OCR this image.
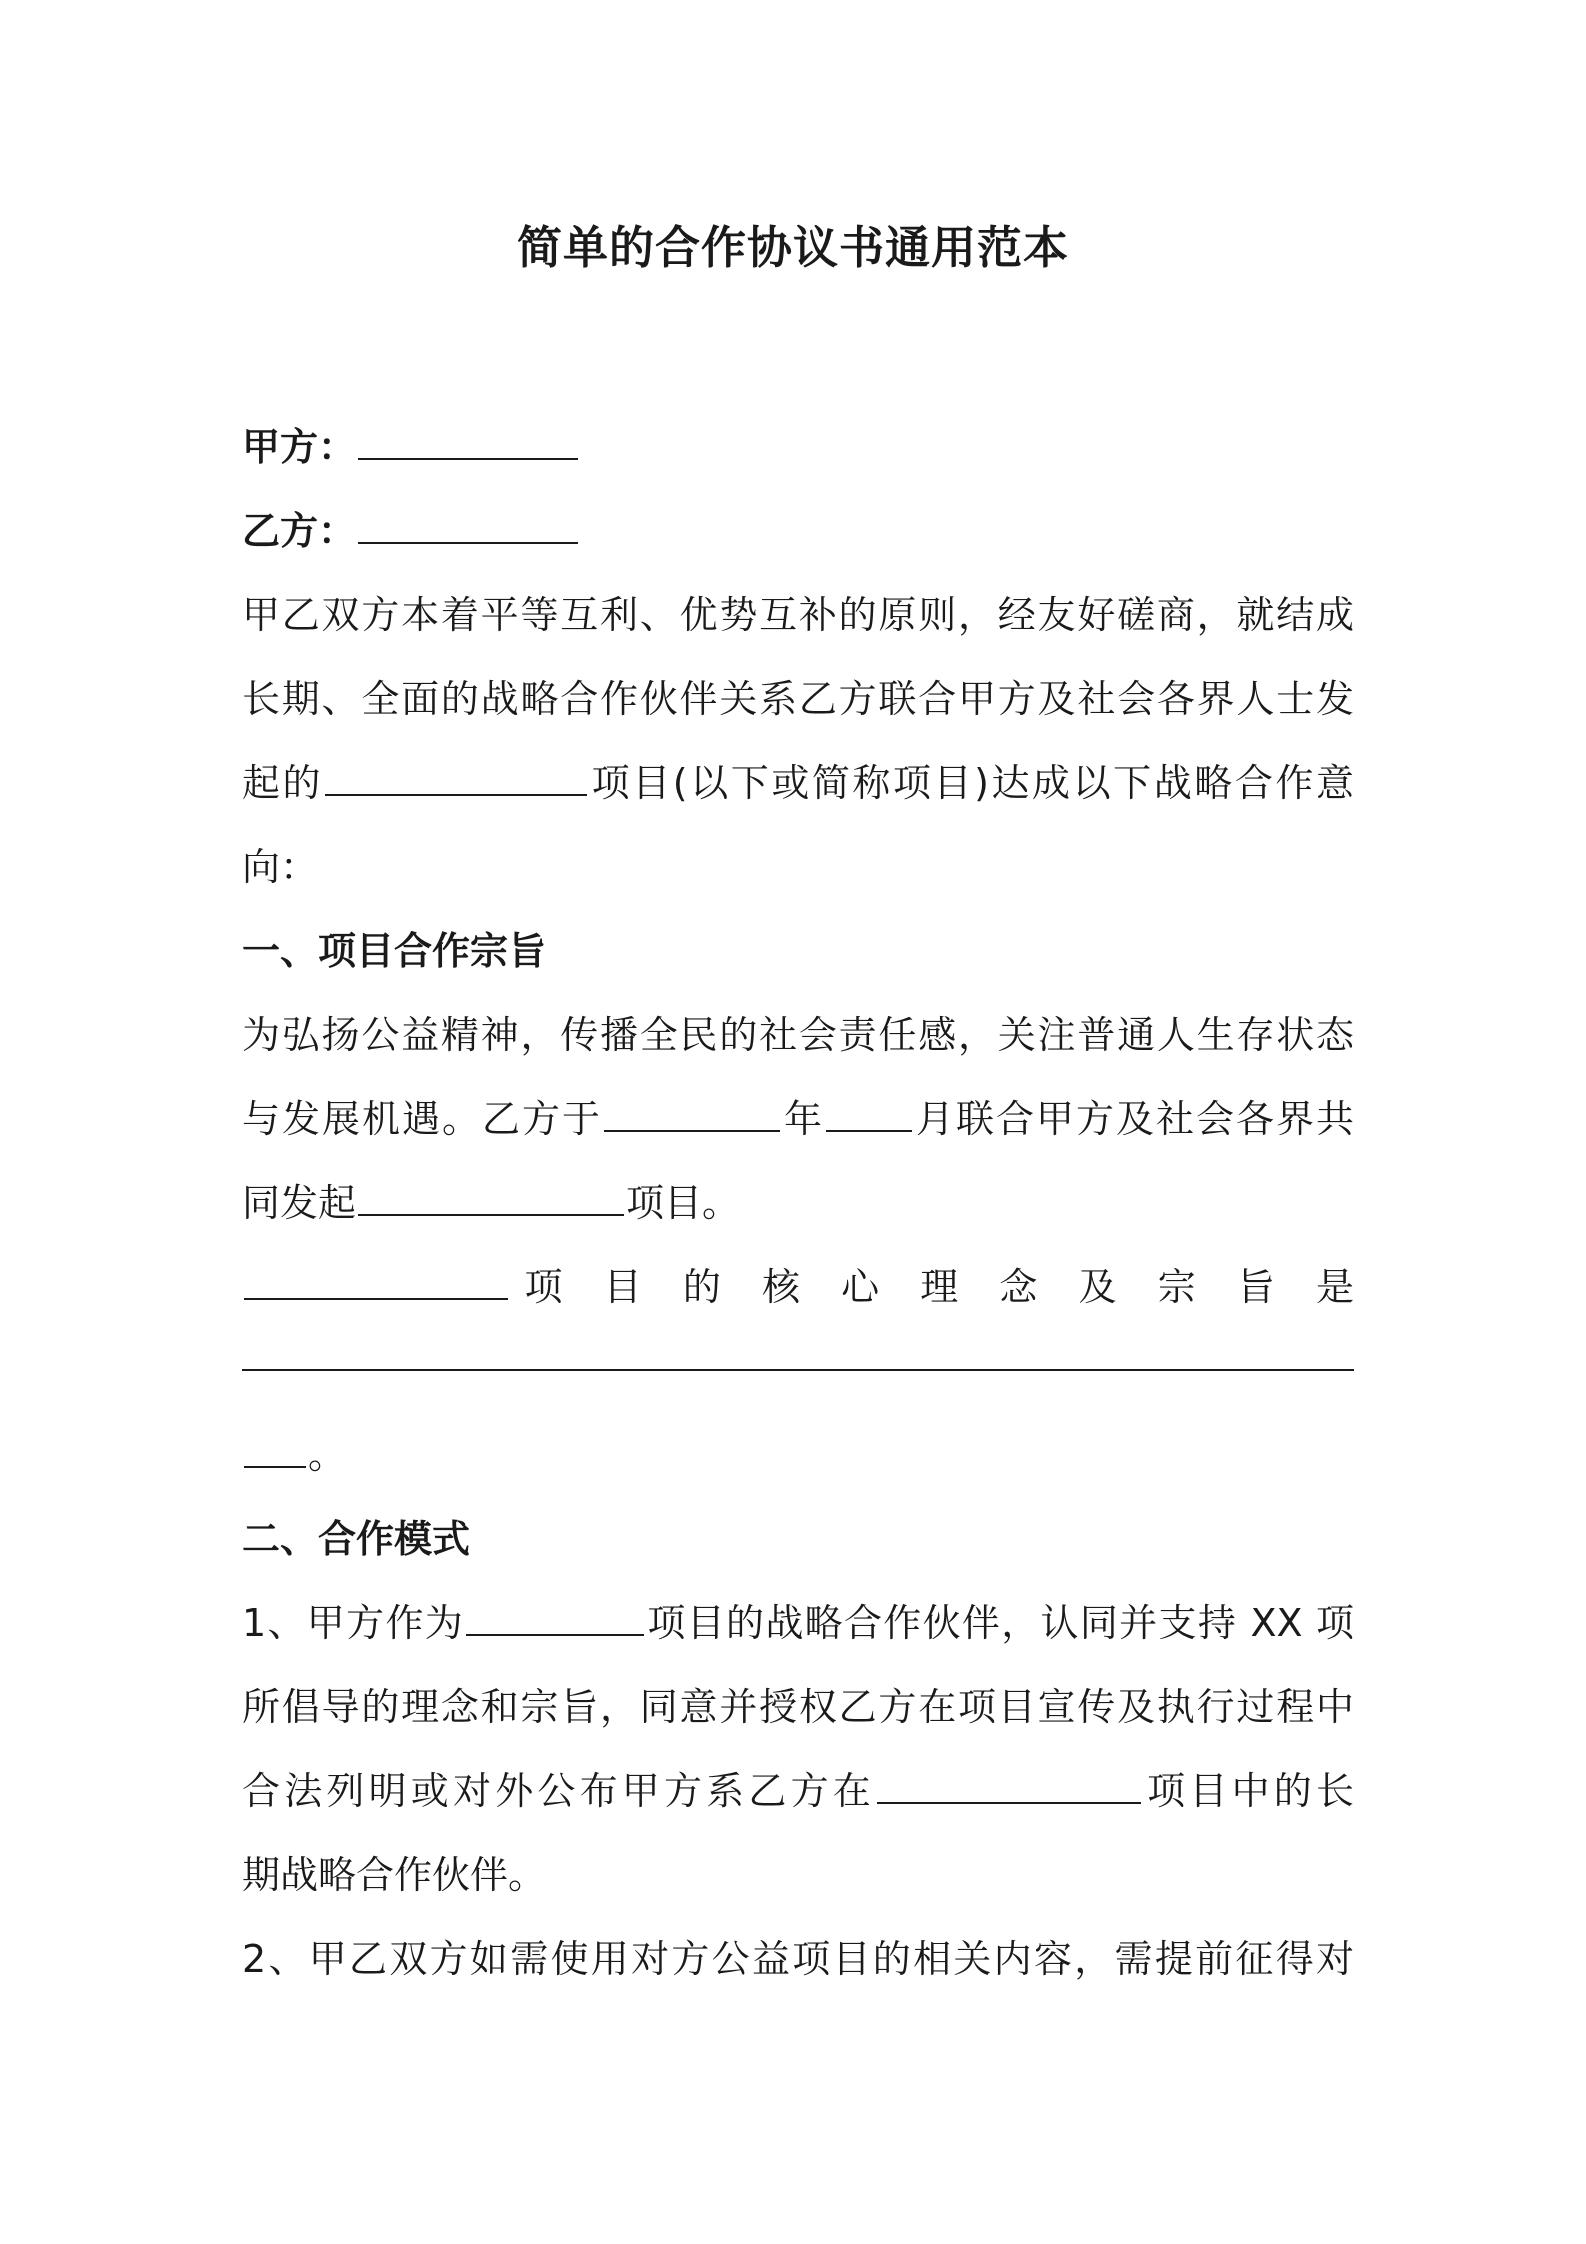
简单的合作协议书通用范本
甲方：
乙方：
甲乙双方本着平等互利、优势互补的原则，经友好磋商，就结成
长期、全面的战略合作伙伴关系乙方联合甲方及社会各界人士发
起的	项目(以下或简称项目)达成以下战略合作意
向：
一、项目合作宗旨
为弘扬公益精神，传播全民的社会责任感，关注普通人生存状态
与发展机遇。乙方于	年 月联合甲方及社会各界共
同发起	项目。
项 目 的 核 心 理 念 及 宗 旨 是
。
二、合作模式
1、甲方作为	项目的战略合作伙伴，认同并支持 XX 项
所倡导的理念和宗旨，同意并授权乙方在项目宣传及执行过程中
合法列明或对外公布甲方系乙方在	项目中的长
期战略合作伙伴。
2、甲乙双方如需使用对方公益项目的相关内容，需提前征得对
